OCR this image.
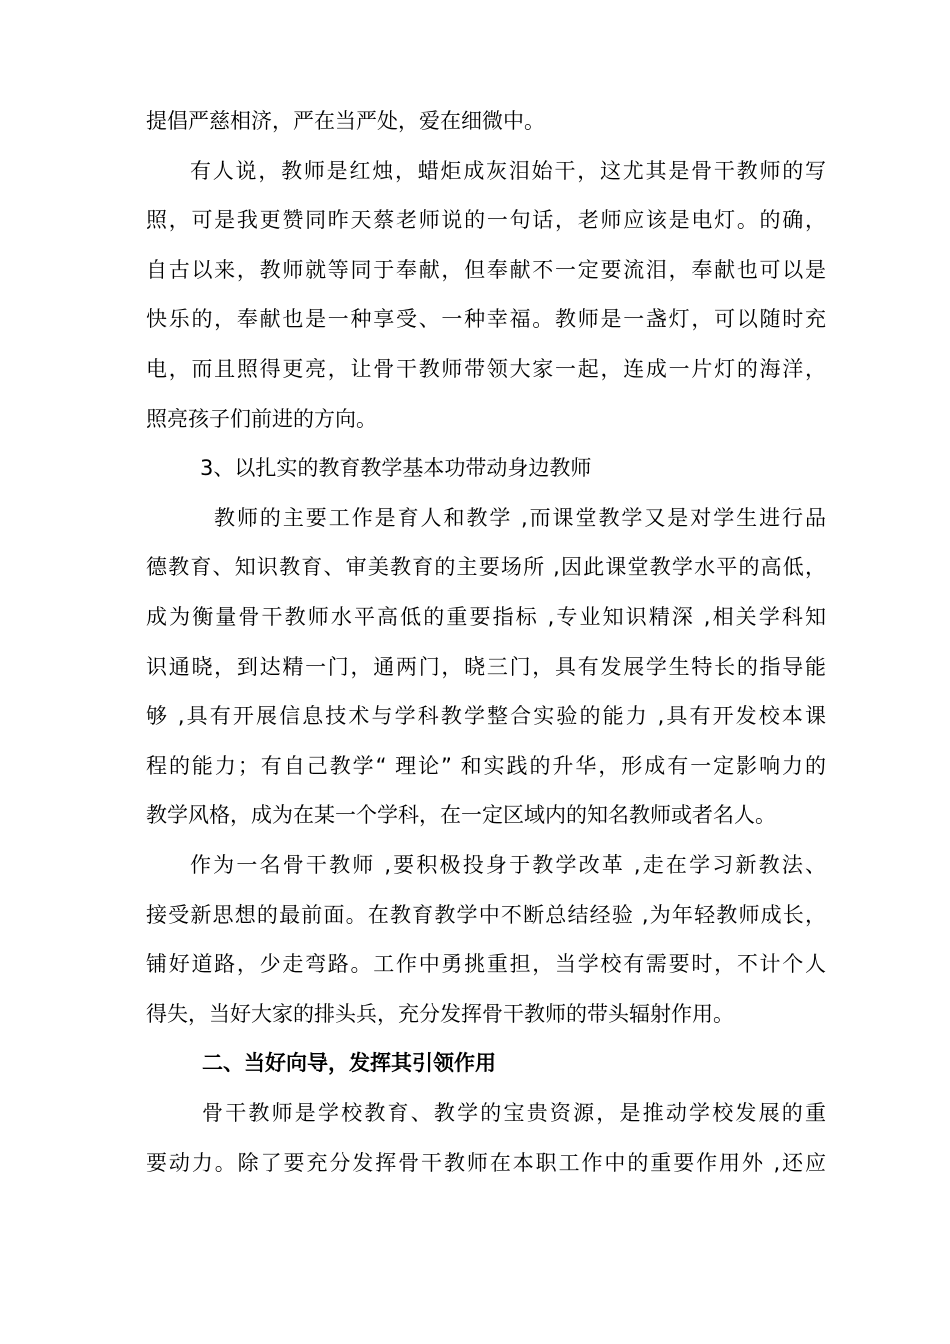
提倡严慈相济，严在当严处，爱在细微中。
有人说，教师是红烛，蜡炬成灰泪始干，这尤其是骨干教师的写
照，可是我更赞同昨天蔡老师说的一句话，老师应该是电灯。的确，
自古以来，教师就等同于奉献，但奉献不一定要流泪，奉献也可以是
快乐的，奉献也是一种享受、一种幸福。教师是一盏灯，可以随时充
电，而且照得更亮，让骨干教师带领大家一起，连成一片灯的海洋，
照亮孩子们前进的方向。
3、以扎实的教育教学基本功带动身边教师
教师的主要工作是育人和教学 ,而课堂教学又是对学生进行品
德教育、知识教育、审美教育的主要场所 ,因此课堂教学水平的高低，
成为衡量骨干教师水平高低的重要指标 ,专业知识精深 ,相关学科知
识通晓，到达精一门，通两门，晓三门，具有发展学生特长的指导能
够 ,具有开展信息技术与学科教学整合实验的能力 ,具有开发校本课
程的能力；有自己教学“ 理论” 和实践的升华，形成有一定影响力的
教学风格，成为在某一个学科，在一定区域内的知名教师或者名人。
作为一名骨干教师 ,要积极投身于教学改革 ,走在学习新教法、
接受新思想的最前面。在教育教学中不断总结经验 ,为年轻教师成长，
铺好道路，少走弯路。工作中勇挑重担，当学校有需要时，不计个人
得失，当好大家的排头兵，充分发挥骨干教师的带头辐射作用。
二、当好向导，发挥其引领作用
骨干教师是学校教育、教学的宝贵资源，是推动学校发展的重
要动力。除了要充分发挥骨干教师在本职工作中的重要作用外 ,还应
